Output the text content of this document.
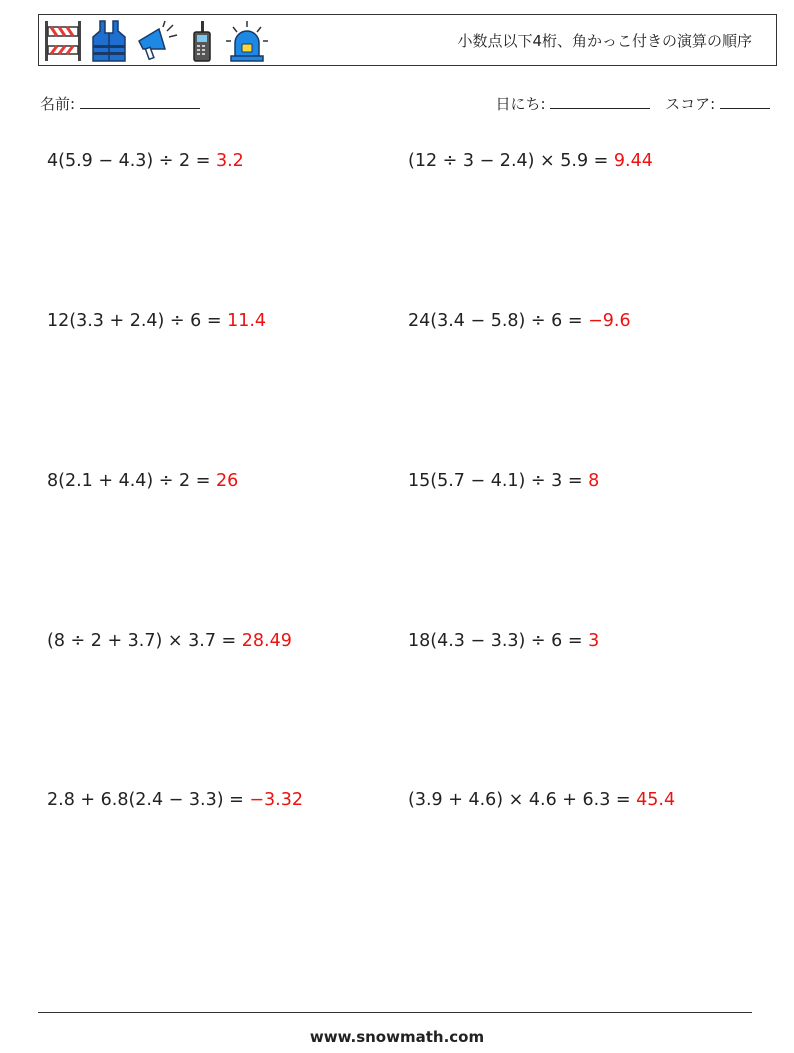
小数点以下4桁、角かっこ付きの演算の順序
名前:	日にち:	スコア:
4(5.9 − 4.3) ÷ 2 = 3.2	(12 ÷ 3 − 2.4) × 5.9 = 9.44
12(3.3 + 2.4) ÷ 6 = 11.4	24(3.4 − 5.8) ÷ 6 = −9.6
8(2.1 + 4.4) ÷ 2 = 26	15(5.7 − 4.1) ÷ 3 = 8
(8 ÷ 2 + 3.7) × 3.7 = 28.49	18(4.3 − 3.3) ÷ 6 = 3
2.8 + 6.8(2.4 − 3.3) = −3.32	(3.9 + 4.6) × 4.6 + 6.3 = 45.4
www.snowmath.com
